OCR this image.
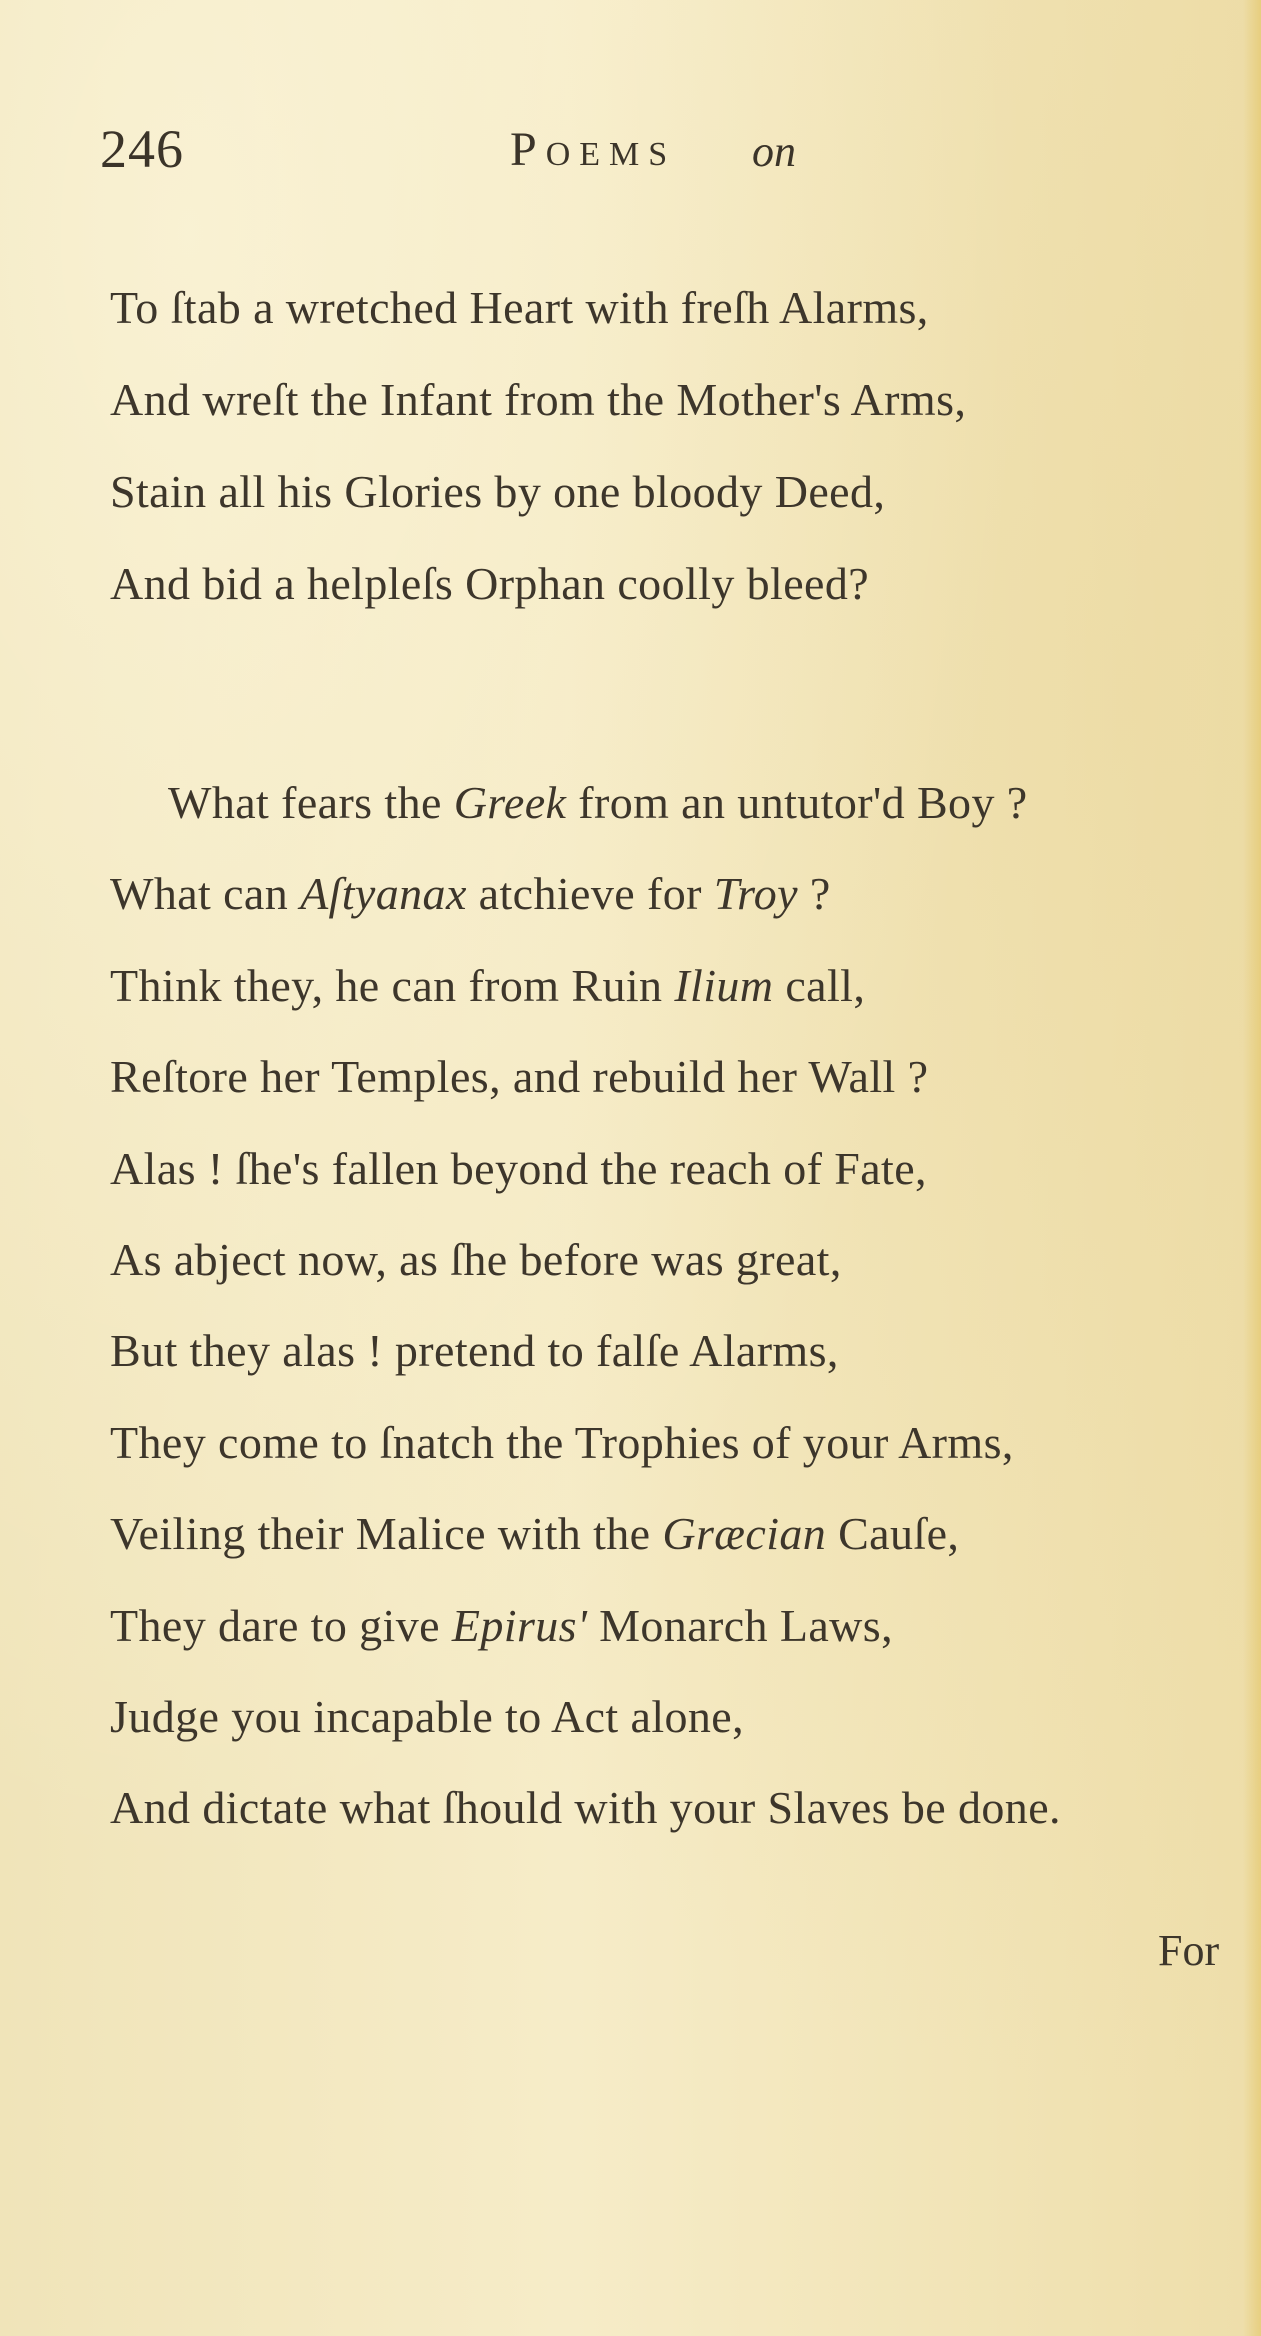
246	Poems on
To ſtab a wretched Heart with freſh Alarms,
And wreſt the Infant from the Mother's Arms,
Stain all his Glories by one bloody Deed,
And bid a helpleſs Orphan coolly bleed?
What fears the Greek from an untutor'd Boy ?
What can Aſtyanax atchieve for Troy ?
Think they, he can from Ruin Ilium call,
Reſtore her Temples, and rebuild her Wall ?
Alas ! ſhe's fallen beyond the reach of Fate,
As abject now, as ſhe before was great,
But they alas ! pretend to falſe Alarms,
They come to ſnatch the Trophies of your Arms,
Veiling their Malice with the Græcian Cauſe,
They dare to give Epirus' Monarch Laws,
Judge you incapable to Act alone,
And dictate what ſhould with your Slaves be done.
For
